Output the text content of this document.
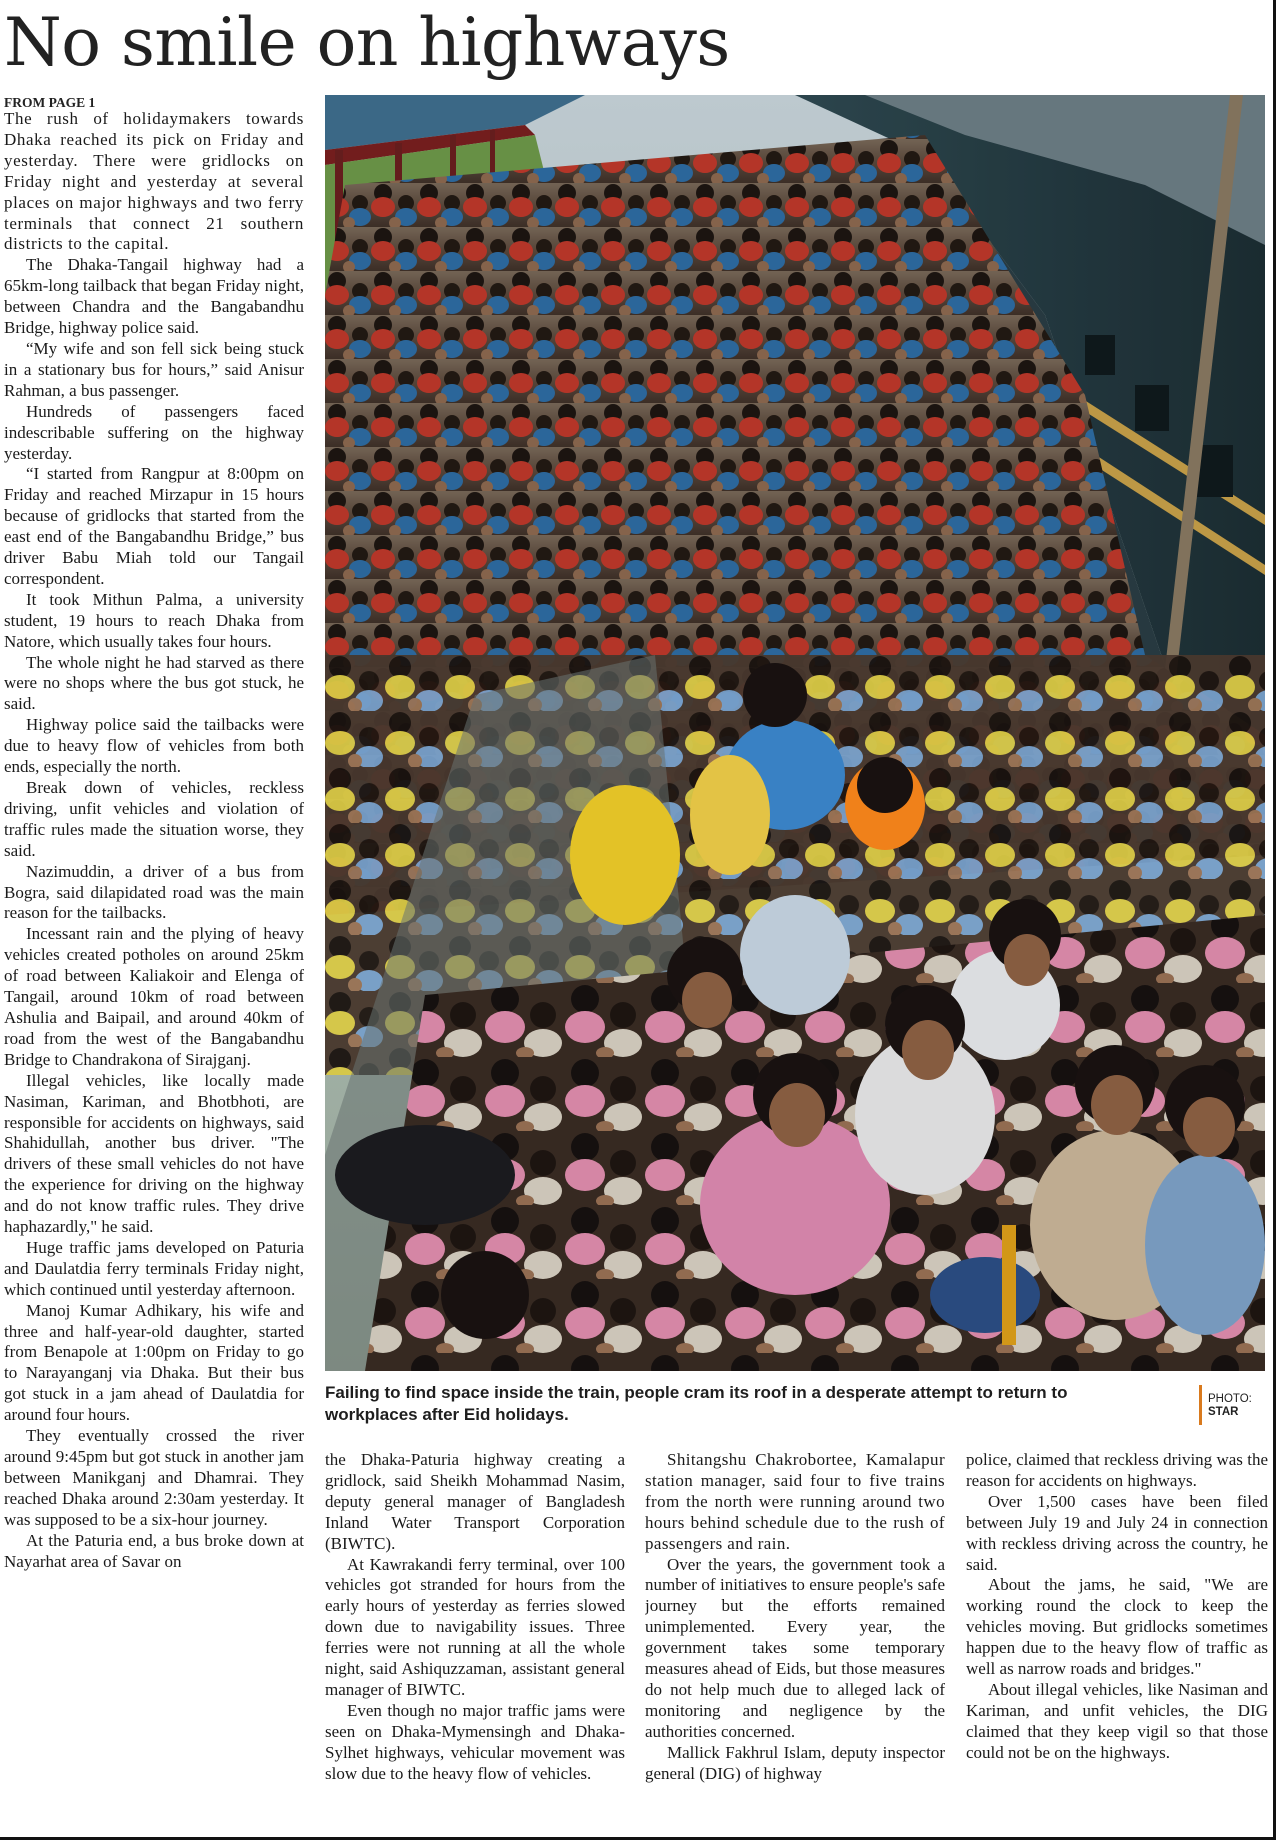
No smile on highways
FROM PAGE 1

The rush of holidaymakers towards Dhaka reached its pick on Friday and yesterday. There were gridlocks on Friday night and yesterday at several places on major highways and two ferry terminals that connect 21 southern districts to the capital.

The Dhaka-Tangail highway had a 65km-long tailback that began Friday night, between Chandra and the Bangabandhu Bridge, highway police said.

“My wife and son fell sick being stuck in a stationary bus for hours,” said Anisur Rahman, a bus passenger.

Hundreds of passengers faced indescribable suffering on the highway yesterday.

“I started from Rangpur at 8:00pm on Friday and reached Mirzapur in 15 hours because of gridlocks that started from the east end of the Bangabandhu Bridge,” bus driver Babu Miah told our Tangail correspondent.

It took Mithun Palma, a university student, 19 hours to reach Dhaka from Natore, which usually takes four hours.

The whole night he had starved as there were no shops where the bus got stuck, he said.

Highway police said the tailbacks were due to heavy flow of vehicles from both ends, especially the north.

Break down of vehicles, reckless driving, unfit vehicles and violation of traffic rules made the situation worse, they said.

Nazimuddin, a driver of a bus from Bogra, said dilapidated road was the main reason for the tailbacks.

Incessant rain and the plying of heavy vehicles created potholes on around 25km of road between Kaliakoir and Elenga of Tangail, around 10km of road between Ashulia and Baipail, and around 40km of road from the west of the Bangabandhu Bridge to Chandrakona of Sirajganj.

Illegal vehicles, like locally made Nasiman, Kariman, and Bhotbhoti, are responsible for accidents on highways, said Shahidullah, another bus driver. "The drivers of these small vehicles do not have the experience for driving on the highway and do not know traffic rules. They drive haphazardly," he said.

Huge traffic jams developed on Paturia and Daulatdia ferry terminals Friday night, which continued until yesterday afternoon.

Manoj Kumar Adhikary, his wife and three and half-year-old daughter, started from Benapole at 1:00pm on Friday to go to Narayanganj via Dhaka. But their bus got stuck in a jam ahead of Daulatdia for around four hours.

They eventually crossed the river around 9:45pm but got stuck in another jam between Manikganj and Dhamrai. They reached Dhaka around 2:30am yesterday. It was supposed to be a six-hour journey.

At the Paturia end, a bus broke down at Nayarhat area of Savar on

Failing to find space inside the train, people cram its roof in a desperate attempt to return to workplaces after Eid holidays.
PHOTO:
STAR

the Dhaka-Paturia highway creating a gridlock, said Sheikh Mohammad Nasim, deputy general manager of Bangladesh Inland Water Transport Corporation (BIWTC).

At Kawrakandi ferry terminal, over 100 vehicles got stranded for hours from the early hours of yesterday as ferries slowed down due to navigability issues. Three ferries were not running at all the whole night, said Ashiquzzaman, assistant general manager of BIWTC.

Even though no major traffic jams were seen on Dhaka-Mymensingh and Dhaka-Sylhet highways, vehicular movement was slow due to the heavy flow of vehicles.

Shitangshu Chakrobortee, Kamalapur station manager, said four to five trains from the north were running around two hours behind schedule due to the rush of passengers and rain.

Over the years, the government took a number of initiatives to ensure people's safe journey but the efforts remained unimplemented. Every year, the government takes some temporary measures ahead of Eids, but those measures do not help much due to alleged lack of monitoring and negligence by the authorities concerned.

Mallick Fakhrul Islam, deputy inspector general (DIG) of highway

police, claimed that reckless driving was the reason for accidents on highways.

Over 1,500 cases have been filed between July 19 and July 24 in connection with reckless driving across the country, he said.

About the jams, he said, "We are working round the clock to keep the vehicles moving. But gridlocks sometimes happen due to the heavy flow of traffic as well as narrow roads and bridges."

About illegal vehicles, like Nasiman and Kariman, and unfit vehicles, the DIG claimed that they keep vigil so that those could not be on the highways.
